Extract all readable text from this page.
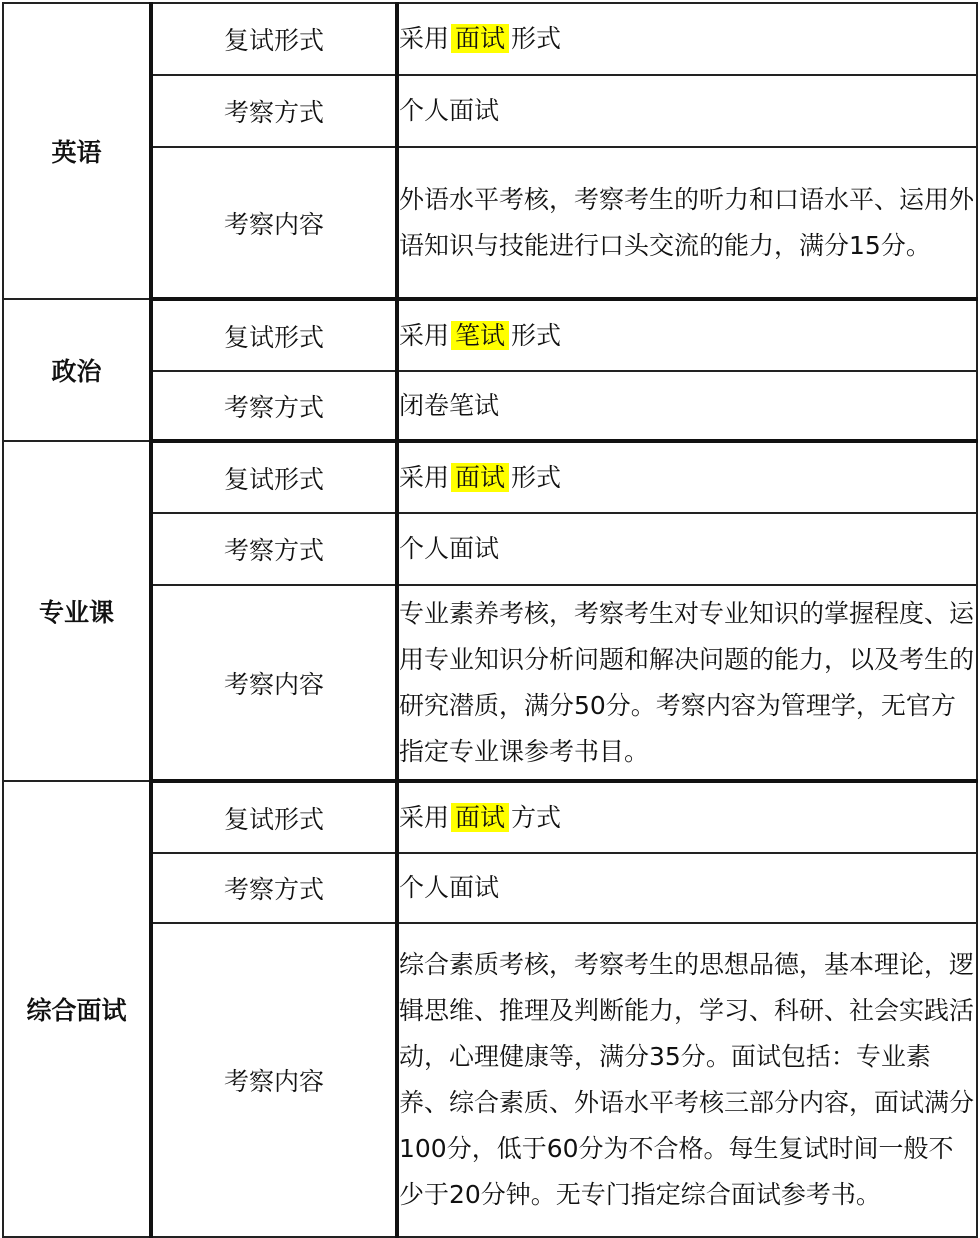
英语	复试形式	采用 面试 形式
	考察方式	个人面试
	考察内容	外语水平考核，考察考生的听力和口语水平、运用外语知识与技能进行口头交流的能力，满分15分。
政治	复试形式	采用 笔试 形式
	考察方式	闭卷笔试
专业课	复试形式	采用 面试 形式
	考察方式	个人面试
	考察内容	专业素养考核，考察考生对专业知识的掌握程度、运用专业知识分析问题和解决问题的能力，以及考生的研究潜质，满分50分。考察内容为管理学，无官方指定专业课参考书目。
综合面试	复试形式	采用 面试 方式
	考察方式	个人面试
	考察内容	综合素质考核，考察考生的思想品德，基本理论，逻辑思维、推理及判断能力，学习、科研、社会实践活动，心理健康等，满分35分。面试包括：专业素养、综合素质、外语水平考核三部分内容，面试满分100分，低于60分为不合格。每生复试时间一般不少于20分钟。无专门指定综合面试参考书。
